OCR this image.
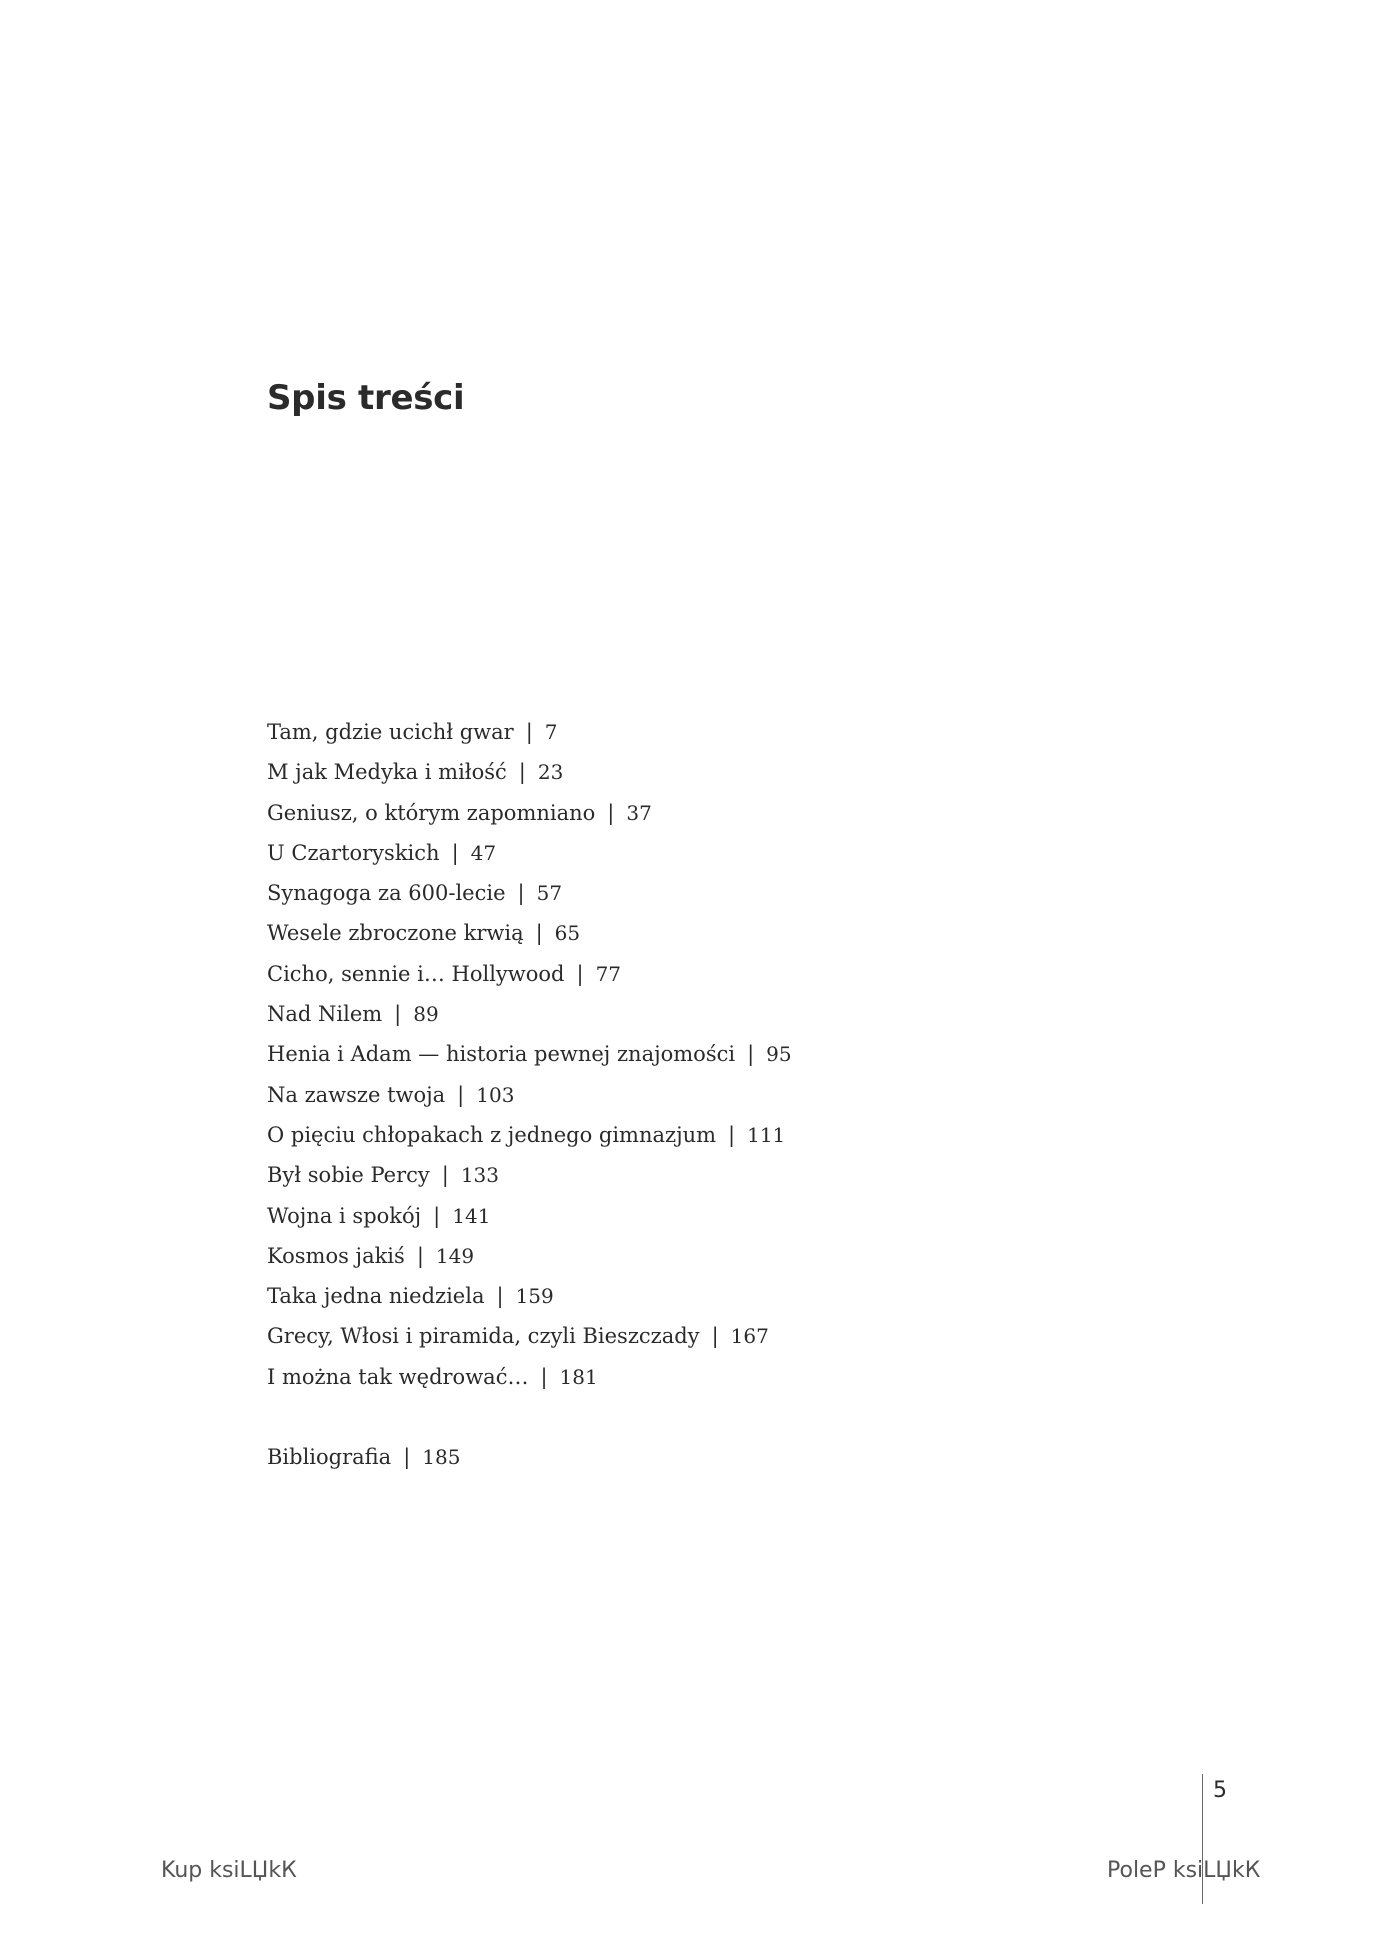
Spis treści
Tam, gdzie ucichł gwar | 7
M jak Medyka i miłość | 23
Geniusz, o którym zapomniano | 37
U Czartoryskich | 47
Synagoga za 600-lecie | 57
Wesele zbroczone krwią | 65
Cicho, sennie i… Hollywood | 77
Nad Nilem | 89
Henia i Adam — historia pewnej znajomości | 95
Na zawsze twoja | 103
O pięciu chłopakach z jednego gimnazjum | 111
Był sobie Percy | 133
Wojna i spokój | 141
Kosmos jakiś | 149
Taka jedna niedziela | 159
Grecy, Włosi i piramida, czyli Bieszczady | 167
I można tak wędrować… | 181
Bibliografia | 185
5
Kup ksiLЏkК	PoleP ksiLЏkК
